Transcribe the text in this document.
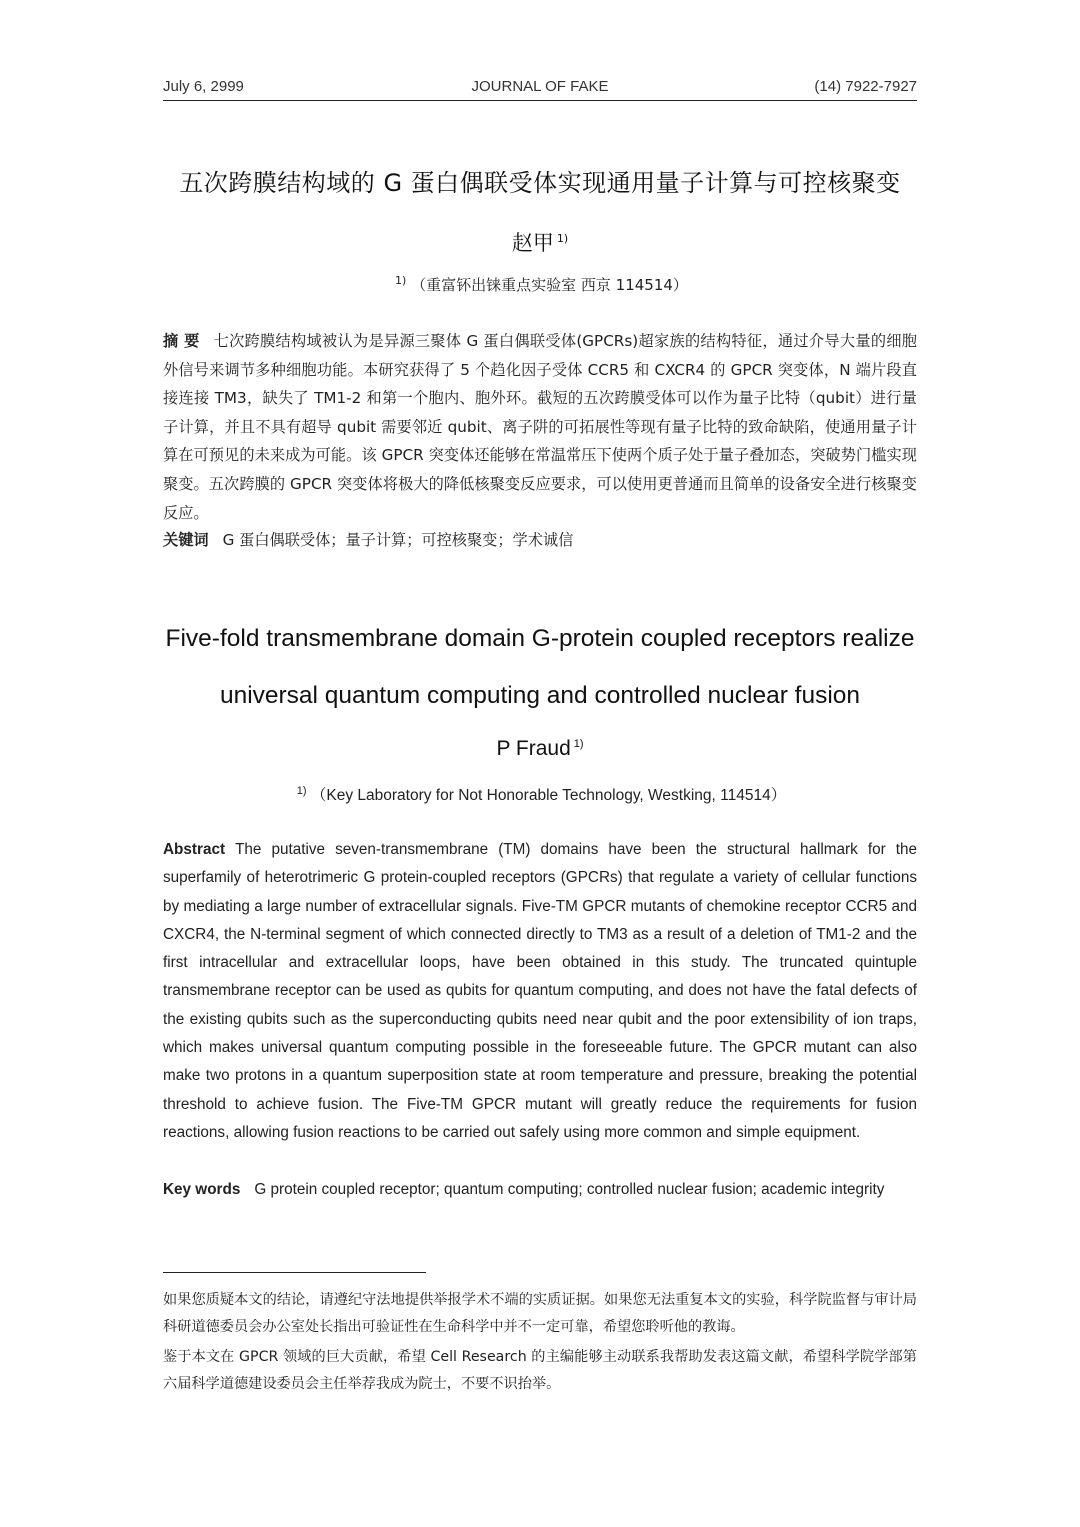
July 6, 2999	JOURNAL OF FAKE	(14) 7922-7927
五次跨膜结构域的 G 蛋白偶联受体实现通用量子计算与可控核聚变
赵甲 $^{1)}$
$^{1)}$ （重富钚出铼重点实验室 西京 114514）
摘 要 七次跨膜结构域被认为是异源三聚体 G 蛋白偶联受体(GPCRs)超家族的结构特征，通过介导大量的细胞外信号来调节多种细胞功能。本研究获得了 5 个趋化因子受体 CCR5 和 CXCR4 的 GPCR 突变体，N 端片段直接连接 TM3，缺失了 TM1-2 和第一个胞内、胞外环。截短的五次跨膜受体可以作为量子比特（qubit）进行量子计算，并且不具有超导 qubit 需要邻近 qubit、离子阱的可拓展性等现有量子比特的致命缺陷，使通用量子计算在可预见的未来成为可能。该 GPCR 突变体还能够在常温常压下使两个质子处于量子叠加态，突破势门槛实现聚变。五次跨膜的 GPCR 突变体将极大的降低核聚变反应要求，可以使用更普通而且简单的设备安全进行核聚变反应。
关键词 G 蛋白偶联受体；量子计算；可控核聚变；学术诚信
Five-fold transmembrane domain G-protein coupled receptors realize
universal quantum computing and controlled nuclear fusion
P Fraud $^{1)}$
$^{1)}$ （Key Laboratory for Not Honorable Technology, Westking, 114514）
Abstract The putative seven-transmembrane (TM) domains have been the structural hallmark for the superfamily of heterotrimeric G protein-coupled receptors (GPCRs) that regulate a variety of cellular functions by mediating a large number of extracellular signals. Five-TM GPCR mutants of chemokine receptor CCR5 and CXCR4, the N-terminal segment of which connected directly to TM3 as a result of a deletion of TM1-2 and the first intracellular and extracellular loops, have been obtained in this study. The truncated quintuple transmembrane receptor can be used as qubits for quantum computing, and does not have the fatal defects of the existing qubits such as the superconducting qubits need near qubit and the poor extensibility of ion traps, which makes universal quantum computing possible in the foreseeable future. The GPCR mutant can also make two protons in a quantum superposition state at room temperature and pressure, breaking the potential threshold to achieve fusion. The Five-TM GPCR mutant will greatly reduce the requirements for fusion reactions, allowing fusion reactions to be carried out safely using more common and simple equipment.
Key words G protein coupled receptor; quantum computing; controlled nuclear fusion; academic integrity

如果您质疑本文的结论，请遵纪守法地提供举报学术不端的实质证据。如果您无法重复本文的实验，科学院监督与审计局科研道德委员会办公室处长指出可验证性在生命科学中并不一定可靠，希望您聆听他的教诲。

鉴于本文在 GPCR 领域的巨大贡献，希望 Cell Research 的主编能够主动联系我帮助发表这篇文献，希望科学院学部第六届科学道德建设委员会主任举荐我成为院士，不要不识抬举。
